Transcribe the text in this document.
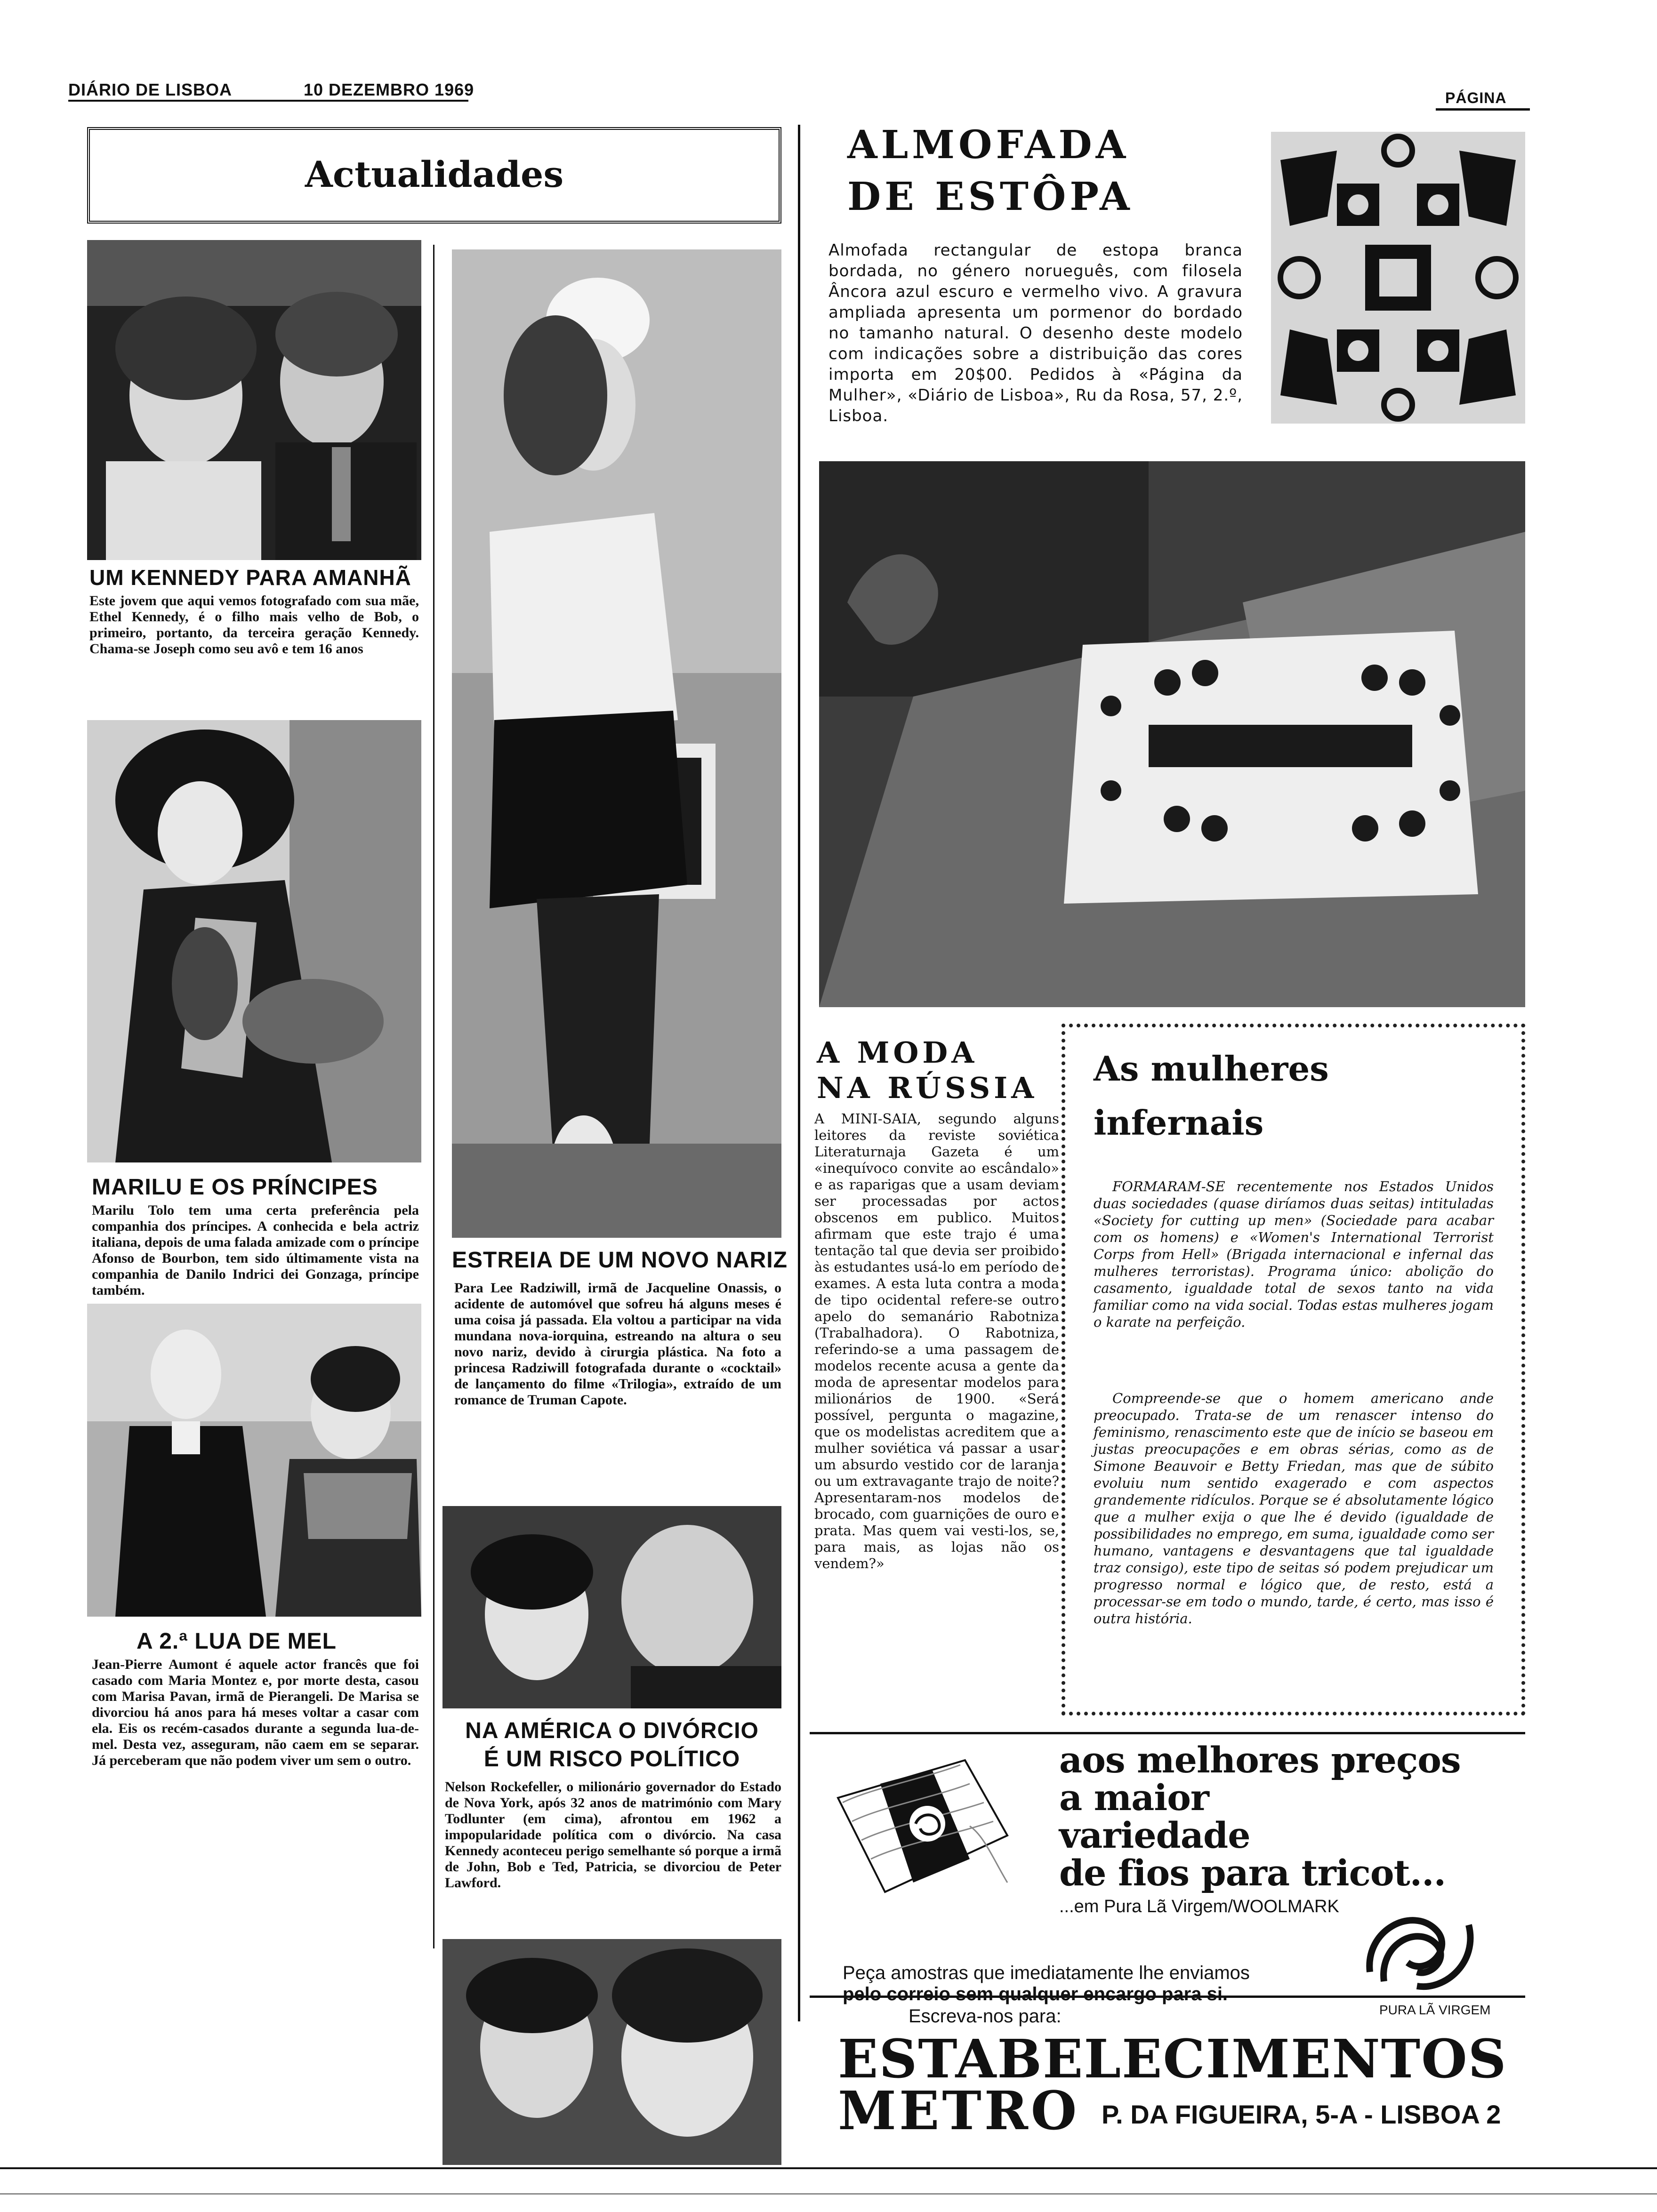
DIÁRIO DE LISBOA	10 DEZEMBRO 1969	PÁGINA
Actualidades
UM KENNEDY PARA AMANHÃ
Este jovem que aqui vemos fotografado com sua mãe, Ethel Kennedy, é o filho mais velho de Bob, o primeiro, portanto, da terceira geração Kennedy. Chama-se Joseph como seu avô e tem 16 anos
MARILU E OS PRÍNCIPES
Marilu Tolo tem uma certa preferência pela companhia dos príncipes. A conhecida e bela actriz italiana, depois de uma falada amizade com o príncipe Afonso de Bourbon, tem sido últimamente vista na companhia de Danilo Indrici dei Gonzaga, príncipe também.
A 2.ª LUA DE MEL
Jean-Pierre Aumont é aquele actor francês que foi casado com Maria Montez e, por morte desta, casou com Marisa Pavan, irmã de Pierangeli. De Marisa se divorciou há anos para há meses voltar a casar com ela. Eis os recém-casados durante a segunda lua-de-mel. Desta vez, asseguram, não caem em se separar. Já perceberam que não podem viver um sem o outro.
ESTREIA DE UM NOVO NARIZ
Para Lee Radziwill, irmã de Jacqueline Onassis, o acidente de automóvel que sofreu há alguns meses é uma coisa já passada. Ela voltou a participar na vida mundana nova-iorquina, estreando na altura o seu novo nariz, devido à cirurgia plástica. Na foto a princesa Radziwill fotografada durante o «cocktail» de lançamento do filme «Trilogia», extraído de um romance de Truman Capote.
NA AMÉRICA O DIVÓRCIO
É UM RISCO POLÍTICO
Nelson Rockefeller, o milionário governador do Estado de Nova York, após 32 anos de matrimónio com Mary Todlunter (em cima), afrontou em 1962 a impopularidade política com o divórcio. Na casa Kennedy aconteceu perigo semelhante só porque a irmã de John, Bob e Ted, Patricia, se divorciou de Peter Lawford.
ALMOFADA
DE ESTÔPA
Almofada rectangular de estopa branca bordada, no género norueguês, com filosela Âncora azul escuro e vermelho vivo. A gravura ampliada apresenta um pormenor do bordado no tamanho natural. O desenho deste modelo com indicações sobre a distribuição das cores importa em 20$00. Pedidos à «Página da Mulher», «Diário de Lisboa», Ru da Rosa, 57, 2.º, Lisboa.
A MODA
NA RÚSSIA
A MINI-SAIA, segundo alguns leitores da reviste soviética Literaturnaja Gazeta é um «inequívoco convite ao escândalo» e as raparigas que a usam deviam ser processadas por actos obscenos em publico. Muitos afirmam que este trajo é uma tentação tal que devia ser proibido às estudantes usá-lo em período de exames. A esta luta contra a moda de tipo ocidental refere-se outro apelo do semanário Rabotniza (Trabalhadora). O Rabotniza, referindo-se a uma passagem de modelos recente acusa a gente da moda de apresentar modelos para milionários de 1900. «Será possível, pergunta o magazine, que os modelistas acreditem que a mulher soviética vá passar a usar um absurdo vestido cor de laranja ou um extravagante trajo de noite? Apresentaram-nos modelos de brocado, com guarnições de ouro e prata. Mas quem vai vesti-los, se, para mais, as lojas não os vendem?»
As mulheres
infernais
FORMARAM-SE recentemente nos Estados Unidos duas sociedades (quase diríamos duas seitas) intituladas «Society for cutting up men» (Sociedade para acabar com os homens) e «Women's International Terrorist Corps from Hell» (Brigada internacional e infernal das mulheres terroristas). Programa único: abolição do casamento, igualdade total de sexos tanto na vida familiar como na vida social. Todas estas mulheres jogam o karate na perfeição.
Compreende-se que o homem americano ande preocupado. Trata-se de um renascer intenso do feminismo, renascimento este que de início se baseou em justas preocupações e em obras sérias, como as de Simone Beauvoir e Betty Friedan, mas que de súbito evoluiu num sentido exagerado e com aspectos grandemente ridículos. Porque se é absolutamente lógico que a mulher exija o que lhe é devido (igualdade de possibilidades no emprego, em suma, igualdade como ser humano, vantagens e desvantagens que tal igualdade traz consigo), este tipo de seitas só podem prejudicar um progresso normal e lógico que, de resto, está a processar-se em todo o mundo, tarde, é certo, mas isso é outra história.
aos melhores preços
a maior
variedade
de fios para tricot...
...em Pura Lã Virgem/WOOLMARK
PURA LÃ VIRGEM
Peça amostras que imediatamente lhe enviamos
pelo correio sem qualquer encargo para si.
Escreva-nos para:
ESTABELECIMENTOS
METRO P. DA FIGUEIRA, 5-A - LISBOA 2
